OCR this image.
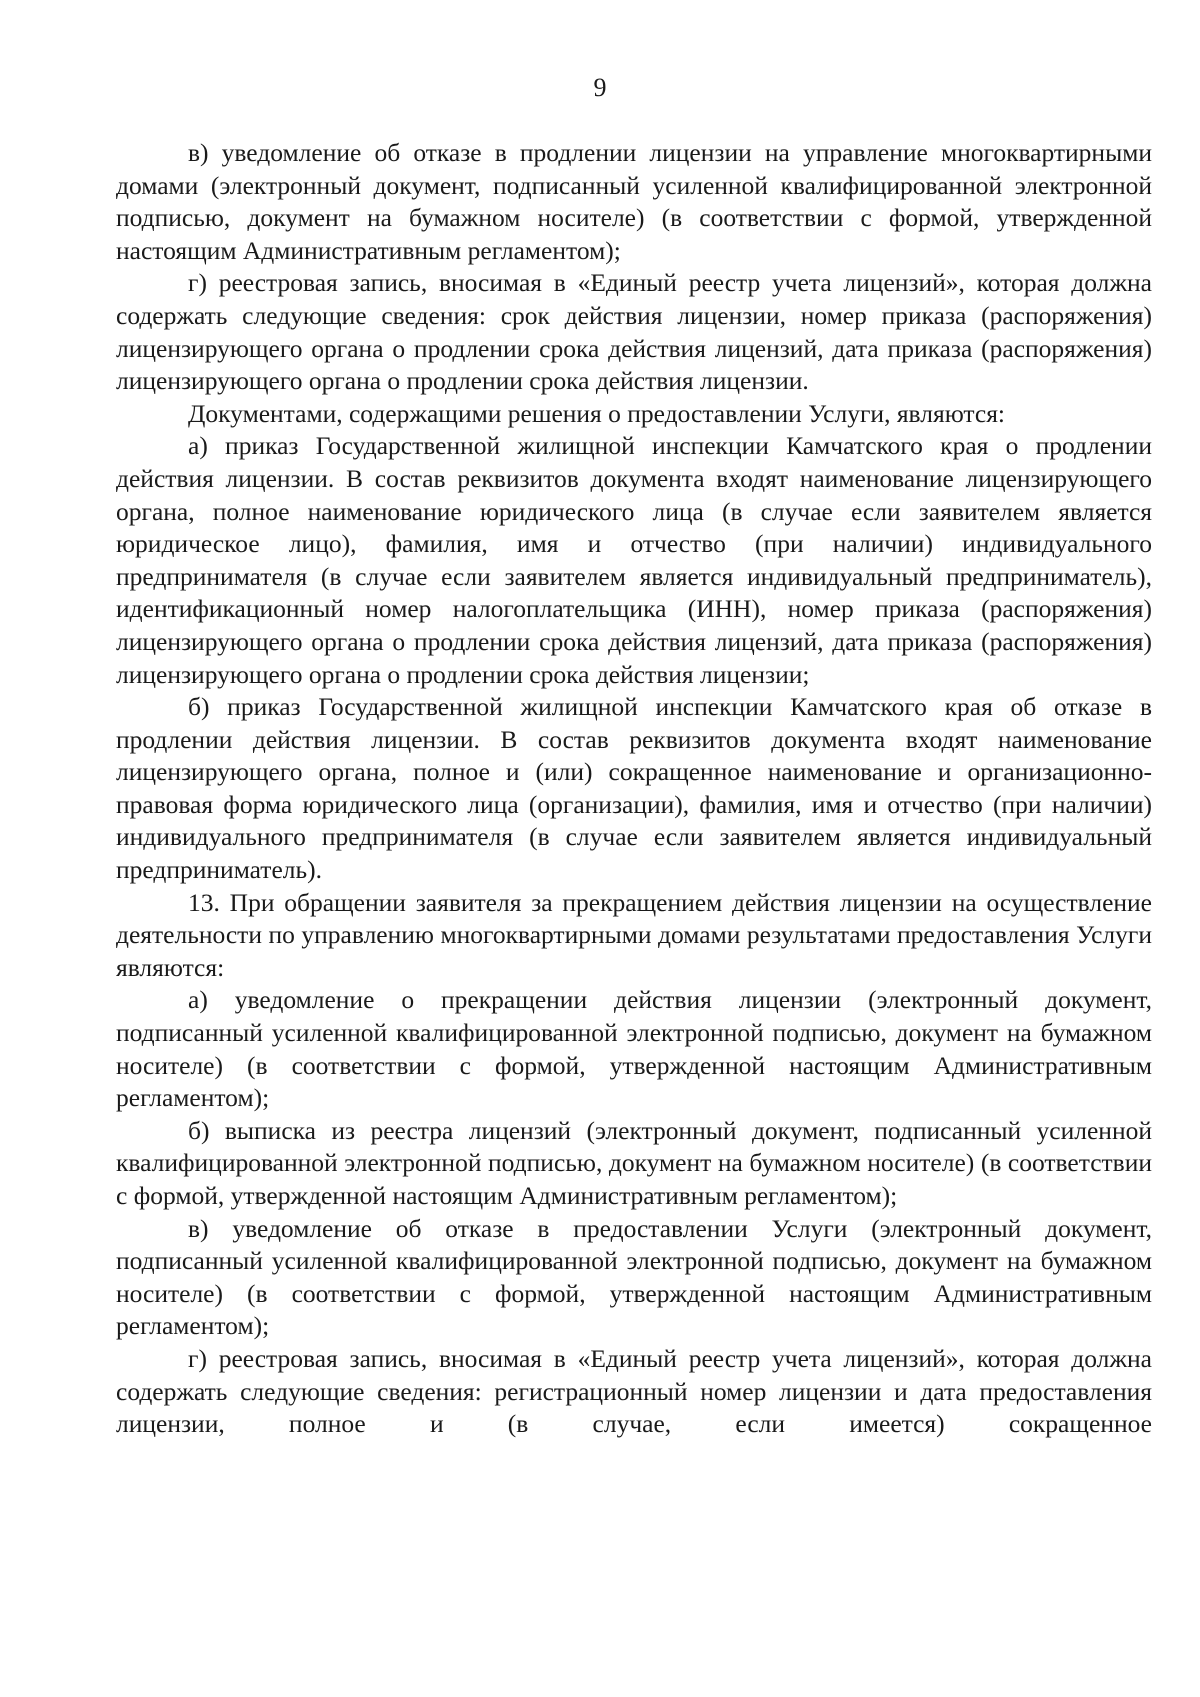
9

в) уведомление об отказе в продлении лицензии на управление многоквартирными домами (электронный документ, подписанный усиленной квалифицированной электронной подписью, документ на бумажном носителе) (в соответствии с формой, утвержденной настоящим Административным регламентом);

г) реестровая запись, вносимая в «Единый реестр учета лицензий», которая должна содержать следующие сведения: срок действия лицензии, номер приказа (распоряжения) лицензирующего органа о продлении срока действия лицензий, дата приказа (распоряжения) лицензирующего органа о продлении срока действия лицензии.

Документами, содержащими решения о предоставлении Услуги, являются:

а) приказ Государственной жилищной инспекции Камчатского края о продлении действия лицензии. В состав реквизитов документа входят наименование лицензирующего органа, полное наименование юридического лица (в случае если заявителем является юридическое лицо), фамилия, имя и отчество (при наличии) индивидуального предпринимателя (в случае если заявителем является индивидуальный предприниматель), идентификационный номер налогоплательщика (ИНН), номер приказа (распоряжения) лицензирующего органа о продлении срока действия лицензий, дата приказа (распоряжения) лицензирующего органа о продлении срока действия лицензии;

б) приказ Государственной жилищной инспекции Камчатского края об отказе в продлении действия лицензии. В состав реквизитов документа входят наименование лицензирующего органа, полное и (или) сокращенное наименование и организационно-правовая форма юридического лица (организации), фамилия, имя и отчество (при наличии) индивидуального предпринимателя (в случае если заявителем является индивидуальный предприниматель).

13. При обращении заявителя за прекращением действия лицензии на осуществление деятельности по управлению многоквартирными домами результатами предоставления Услуги являются:

а) уведомление о прекращении действия лицензии (электронный документ, подписанный усиленной квалифицированной электронной подписью, документ на бумажном носителе) (в соответствии с формой, утвержденной настоящим Административным регламентом);

б) выписка из реестра лицензий (электронный документ, подписанный усиленной квалифицированной электронной подписью, документ на бумажном носителе) (в соответствии с формой, утвержденной настоящим Административным регламентом);

в) уведомление об отказе в предоставлении Услуги (электронный документ, подписанный усиленной квалифицированной электронной подписью, документ на бумажном носителе) (в соответствии с формой, утвержденной настоящим Административным регламентом);

г) реестровая запись, вносимая в «Единый реестр учета лицензий», которая должна содержать следующие сведения: регистрационный номер лицензии и дата предоставления лицензии, полное и (в случае, если имеется) сокращенное
